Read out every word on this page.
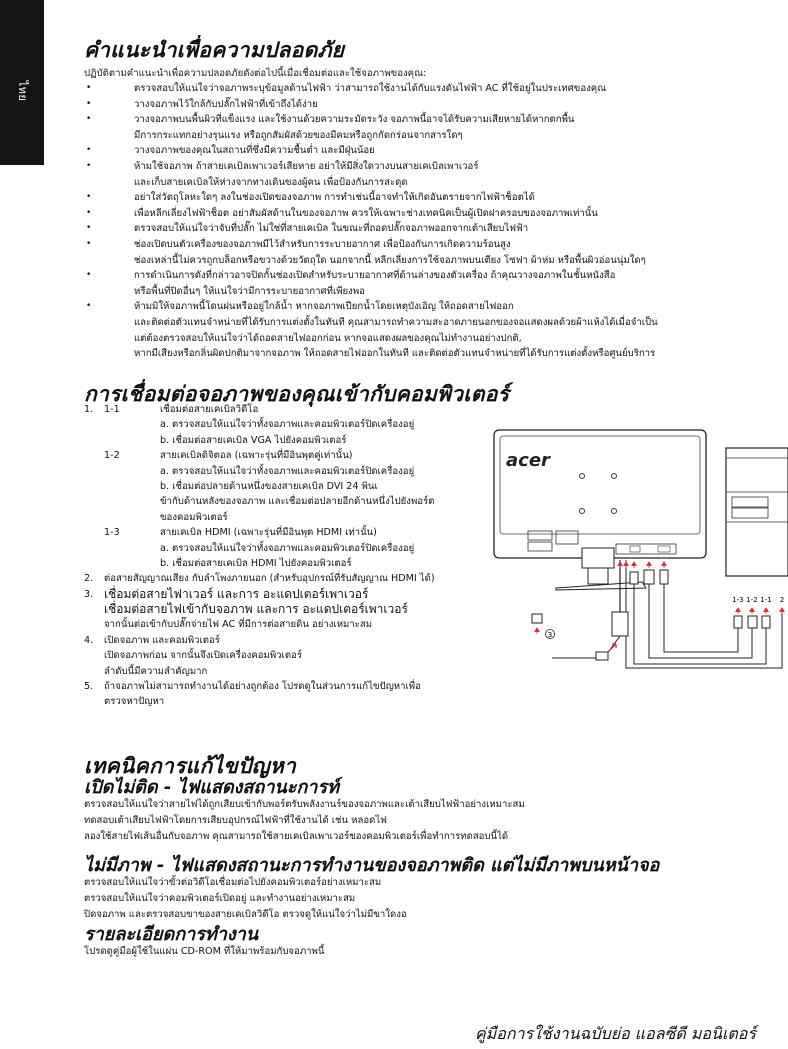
ไทย
คำแนะนำเพื่อความปลอดภัย
ปฏิบัติตามคำแนะนำเพื่อความปลอดภัยดังต่อไปนี้เมื่อเชื่อมต่อและใช้จอภาพของคุณ:
• ตรวจสอบให้แน่ใจว่าจอภาพระบุข้อมูลด้านไฟฟ้า ว่าสามารถใช้งานได้กับแรงดันไฟฟ้า AC ที่ใช้อยู่ในประเทศของคุณ
• วางจอภาพไว้ใกล้กับปลั๊กไฟฟ้าที่เข้าถึงได้ง่าย
• วางจอภาพบนพื้นผิวที่แข็งแรง และใช้งานด้วยความระมัดระวัง จอภาพนี้อาจได้รับความเสียหายได้หากตกพื้น
มีการกระแทกอย่างรุนแรง หรือถูกสัมผัสด้วยของมีคมหรือถูกกัดกร่อนจากสารใดๆ
• วางจอภาพของคุณในสถานที่ซึ่งมีความชื้นต่ำ และมีฝุ่นน้อย
• ห้ามใช้จอภาพ ถ้าสายเคเบิลเพาเวอร์เสียหาย อย่าให้มีสิ่งใดวางบนสายเคเบิลเพาเวอร์
และเก็บสายเคเบิลให้ห่างจากทางเดินของผู้คน เพื่อป้องกันการสะดุด
• อย่าใส่วัตถุโลหะใดๆ ลงในช่องเปิดของจอภาพ การทำเช่นนี้อาจทำให้เกิดอันตรายจากไฟฟ้าช็อตได้
• เพื่อหลีกเลี่ยงไฟฟ้าช็อต อย่าสัมผัสด้านในของจอภาพ ควรให้เฉพาะช่างเทคนิคเป็นผู้เปิดฝาครอบของจอภาพเท่านั้น
• ตรวจสอบให้แน่ใจว่าจับที่ปลั๊ก ไม่ใช่ที่สายเคเบิล ในขณะที่ถอดปลั๊กจอภาพออกจากเต้าเสียบไฟฟ้า
• ช่องเปิดบนตัวเครื่องของจอภาพมีไว้สำหรับการระบายอากาศ เพื่อป้องกันการเกิดความร้อนสูง
ช่องเหล่านี้ไม่ควรถูกบล็อกหรือขวางด้วยวัตถุใด นอกจากนี้ หลีกเลี่ยงการใช้จอภาพบนเตียง โซฟา ผ้าห่ม หรือพื้นผิวอ่อนนุ่มใดๆ
• การดำเนินการดังที่กล่าวอาจปิดกั้นช่องเปิดสำหรับระบายอากาศที่ด้านล่างของตัวเครื่อง ถ้าคุณวางจอภาพในชั้นหนังสือ
หรือพื้นที่ปิดอื่นๆ ให้แน่ใจว่ามีการระบายอากาศที่เพียงพอ
• ห้ามมิให้จอภาพนี้โดนฝนหรืออยู่ใกล้น้ำ หากจอภาพเปียกน้ำโดยเหตุบังเอิญ ให้ถอดสายไฟออก
และติดต่อตัวแทนจำหน่ายที่ได้รับการแต่งตั้งในทันที คุณสามารถทำความสะอาดภายนอกของจอแสดงผลด้วยผ้าแห้งได้เมื่อจำเป็น
แต่ต้องตรวจสอบให้แน่ใจว่าได้ถอดสายไฟออกก่อน หากจอแสดงผลของคุณไม่ทำงานอย่างปกติ,
หากมีเสียงหรือกลิ่นผิดปกติมาจากจอภาพ ให้ถอดสายไฟออกในทันที และติดต่อตัวแทนจำหน่ายที่ได้รับการแต่งตั้งหรือศูนย์บริการ
การเชื่อมต่อจอภาพของคุณเข้ากับคอมพิวเตอร์
1. 1-1	เชื่อมต่อสายเคเบิลวิดีโอ
a. ตรวจสอบให้แน่ใจว่าทั้งจอภาพและคอมพิวเตอร์ปิดเครื่องอยู่
b. เชื่อมต่อสายเคเบิล VGA ไปยังคอมพิวเตอร์
1-2	สายเคเบิลดิจิตอล (เฉพาะรุ่นที่มีอินพุตคู่เท่านั้น)
a. ตรวจสอบให้แน่ใจว่าทั้งจอภาพและคอมพิวเตอร์ปิดเครื่องอยู่
b. เชื่อมต่อปลายด้านหนึ่งของสายเคเบิล DVI 24 พินเ
ข้ากับด้านหลังของจอภาพ และเชื่อมต่อปลายอีกด้านหนึ่งไปยังพอร์ต
ของคอมพิวเตอร์
1-3	สายเคเบิล HDMI (เฉพาะรุ่นที่มีอินพุต HDMI เท่านั้น)
a. ตรวจสอบให้แน่ใจว่าทั้งจอภาพและคอมพิวเตอร์ปิดเครื่องอยู่
b. เชื่อมต่อสายเคเบิล HDMI ไปยังคอมพิวเตอร์
2. ต่อสายสัญญาณเสียง กับลำโพงภายนอก (สำหรับอุปกรณ์ที่รับสัญญาณ HDMI ได้)
3. เชื่อมต่อสายไฟาเวอร์ และการ อะแดปเตอร์เพาเวอร์
เชื่อมต่อสายไฟเข้ากับจอภาพ และการ อะแดปเตอร์เพาเวอร์
จากนั้นต่อเข้ากับปลั๊กจ่ายไฟ AC ที่มีการต่อสายดิน อย่างเหมาะสม
4. เปิดจอภาพ และคอมพิวเตอร์
เปิดจอภาพก่อน จากนั้นจึงเปิดเครื่องคอมพิวเตอร์
ลำดับนี้มีความสำคัญมาก
5. ถ้าจอภาพไม่สามารถทำงานได้อย่างถูกต้อง โปรดดูในส่วนการแก้ไขปัญหาเพื่อ
ตรวจหาปัญหา
acer
1-3 1-2 1-1 2
3
เทคนิคการแก้ไขปัญหา
เปิดไม่ติด - ไฟแสดงสถานะการท์
ตรวจสอบให้แน่ใจว่าสายไฟได้ถูกเสียบเข้ากับพอร์ตรับพลังงานร์ของจอภาพและเต้าเสียบไฟฟ้าอย่างเหมาะสม
ทดสอบเต้าเสียบไฟฟ้าโดยการเสียบอุปกรณ์ไฟฟ้าที่ใช้งานได้ เช่น หลอดไฟ
ลองใช้สายไฟเส้นอื่นกับจอภาพ คุณสามารถใช้สายเคเบิลเพาเวอร์ของคอมพิวเตอร์เพื่อทำการทดสอบนี้ได้
ไม่มีภาพ - ไฟแสดงสถานะการทำงานของจอภาพติด แต่ไม่มีภาพบนหน้าจอ
ตรวจสอบให้แน่ใจว่าขั้วต่อวิดีโอเชื่อมต่อไปยังคอมพิวเตอร์อย่างเหมาะสม
ตรวจสอบให้แน่ใจว่าคอมพิวเตอร์เปิดอยู่ และทำงานอย่างเหมาะสม
ปิดจอภาพ และตรวจสอบขาของสายเคเบิลวิดีโอ ตรวจดูให้แน่ใจว่าไม่มีขาใดงอ
รายละเอียดการทำงาน
โปรดดูคู่มือผู้ใช้ในแผ่น CD-ROM ที่ให้มาพร้อมกับจอภาพนี้
คู่มือการใช้งานฉบับย่อ แอลซีดี มอนิเตอร์
